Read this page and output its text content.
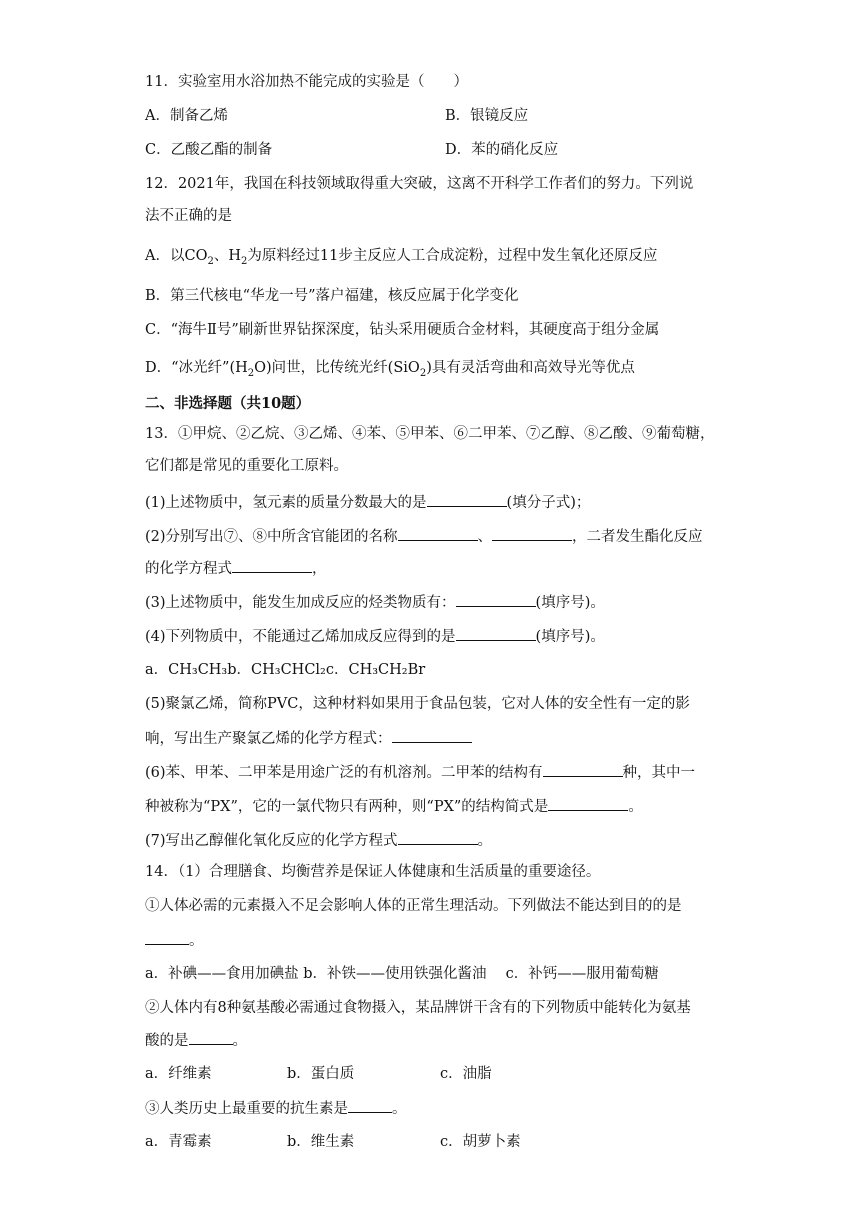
11．实验室用水浴加热不能完成的实验是（　　）
A．制备乙烯	B．银镜反应
C．乙酸乙酯的制备	D．苯的硝化反应
12．2021年，我国在科技领域取得重大突破，这离不开科学工作者们的努力。下列说
法不正确的是
A．以$CO_2$、$H_2$为原料经过11步主反应人工合成淀粉，过程中发生氧化还原反应
B．第三代核电“华龙一号”落户福建，核反应属于化学变化
C．“海牛Ⅱ号”刷新世界钻探深度，钻头采用硬质合金材料，其硬度高于组分金属
D．“冰光纤$”(H_2O)$问世，比传统光纤(SiO$_2$)具有灵活弯曲和高效导光等优点
二、非选择题（共10题）
13．①甲烷、②乙烷、③乙烯、④苯、⑤甲苯、⑥二甲苯、⑦乙醇、⑧乙酸、⑨葡萄糖，
它们都是常见的重要化工原料。
(1)上述物质中，氢元素的质量分数最大的是	(填分子式)；
(2)分别写出⑦、⑧中所含官能团的名称	、	，二者发生酯化反应
的化学方程式	，
(3)上述物质中，能发生加成反应的烃类物质有：	(填序号)。
(4)下列物质中，不能通过乙烯加成反应得到的是	(填序号)。
a．CH₃CH₃b．CH₃CHCl₂c．CH₃CH₂Br
(5)聚氯乙烯，简称PVC，这种材料如果用于食品包装，它对人体的安全性有一定的影
响，写出生产聚氯乙烯的化学方程式：
(6)苯、甲苯、二甲苯是用途广泛的有机溶剂。二甲苯的结构有	种，其中一
种被称为“PX”，它的一氯代物只有两种，则“PX”的结构简式是	。
(7)写出乙醇催化氧化反应的化学方程式	。
14．（1）合理膳食、均衡营养是保证人体健康和生活质量的重要途径。
①人体必需的元素摄入不足会影响人体的正常生理活动。下列做法不能达到目的的是
。
a．补碘——食用加碘盐 b．补铁——使用铁强化酱油　 c．补钙——服用葡萄糖
②人体内有8种氨基酸必需通过食物摄入，某品牌饼干含有的下列物质中能转化为氨基
酸的是	。
a．纤维素	b．蛋白质	c．油脂
③人类历史上最重要的抗生素是	。
a．青霉素	b．维生素	c．胡萝卜素
